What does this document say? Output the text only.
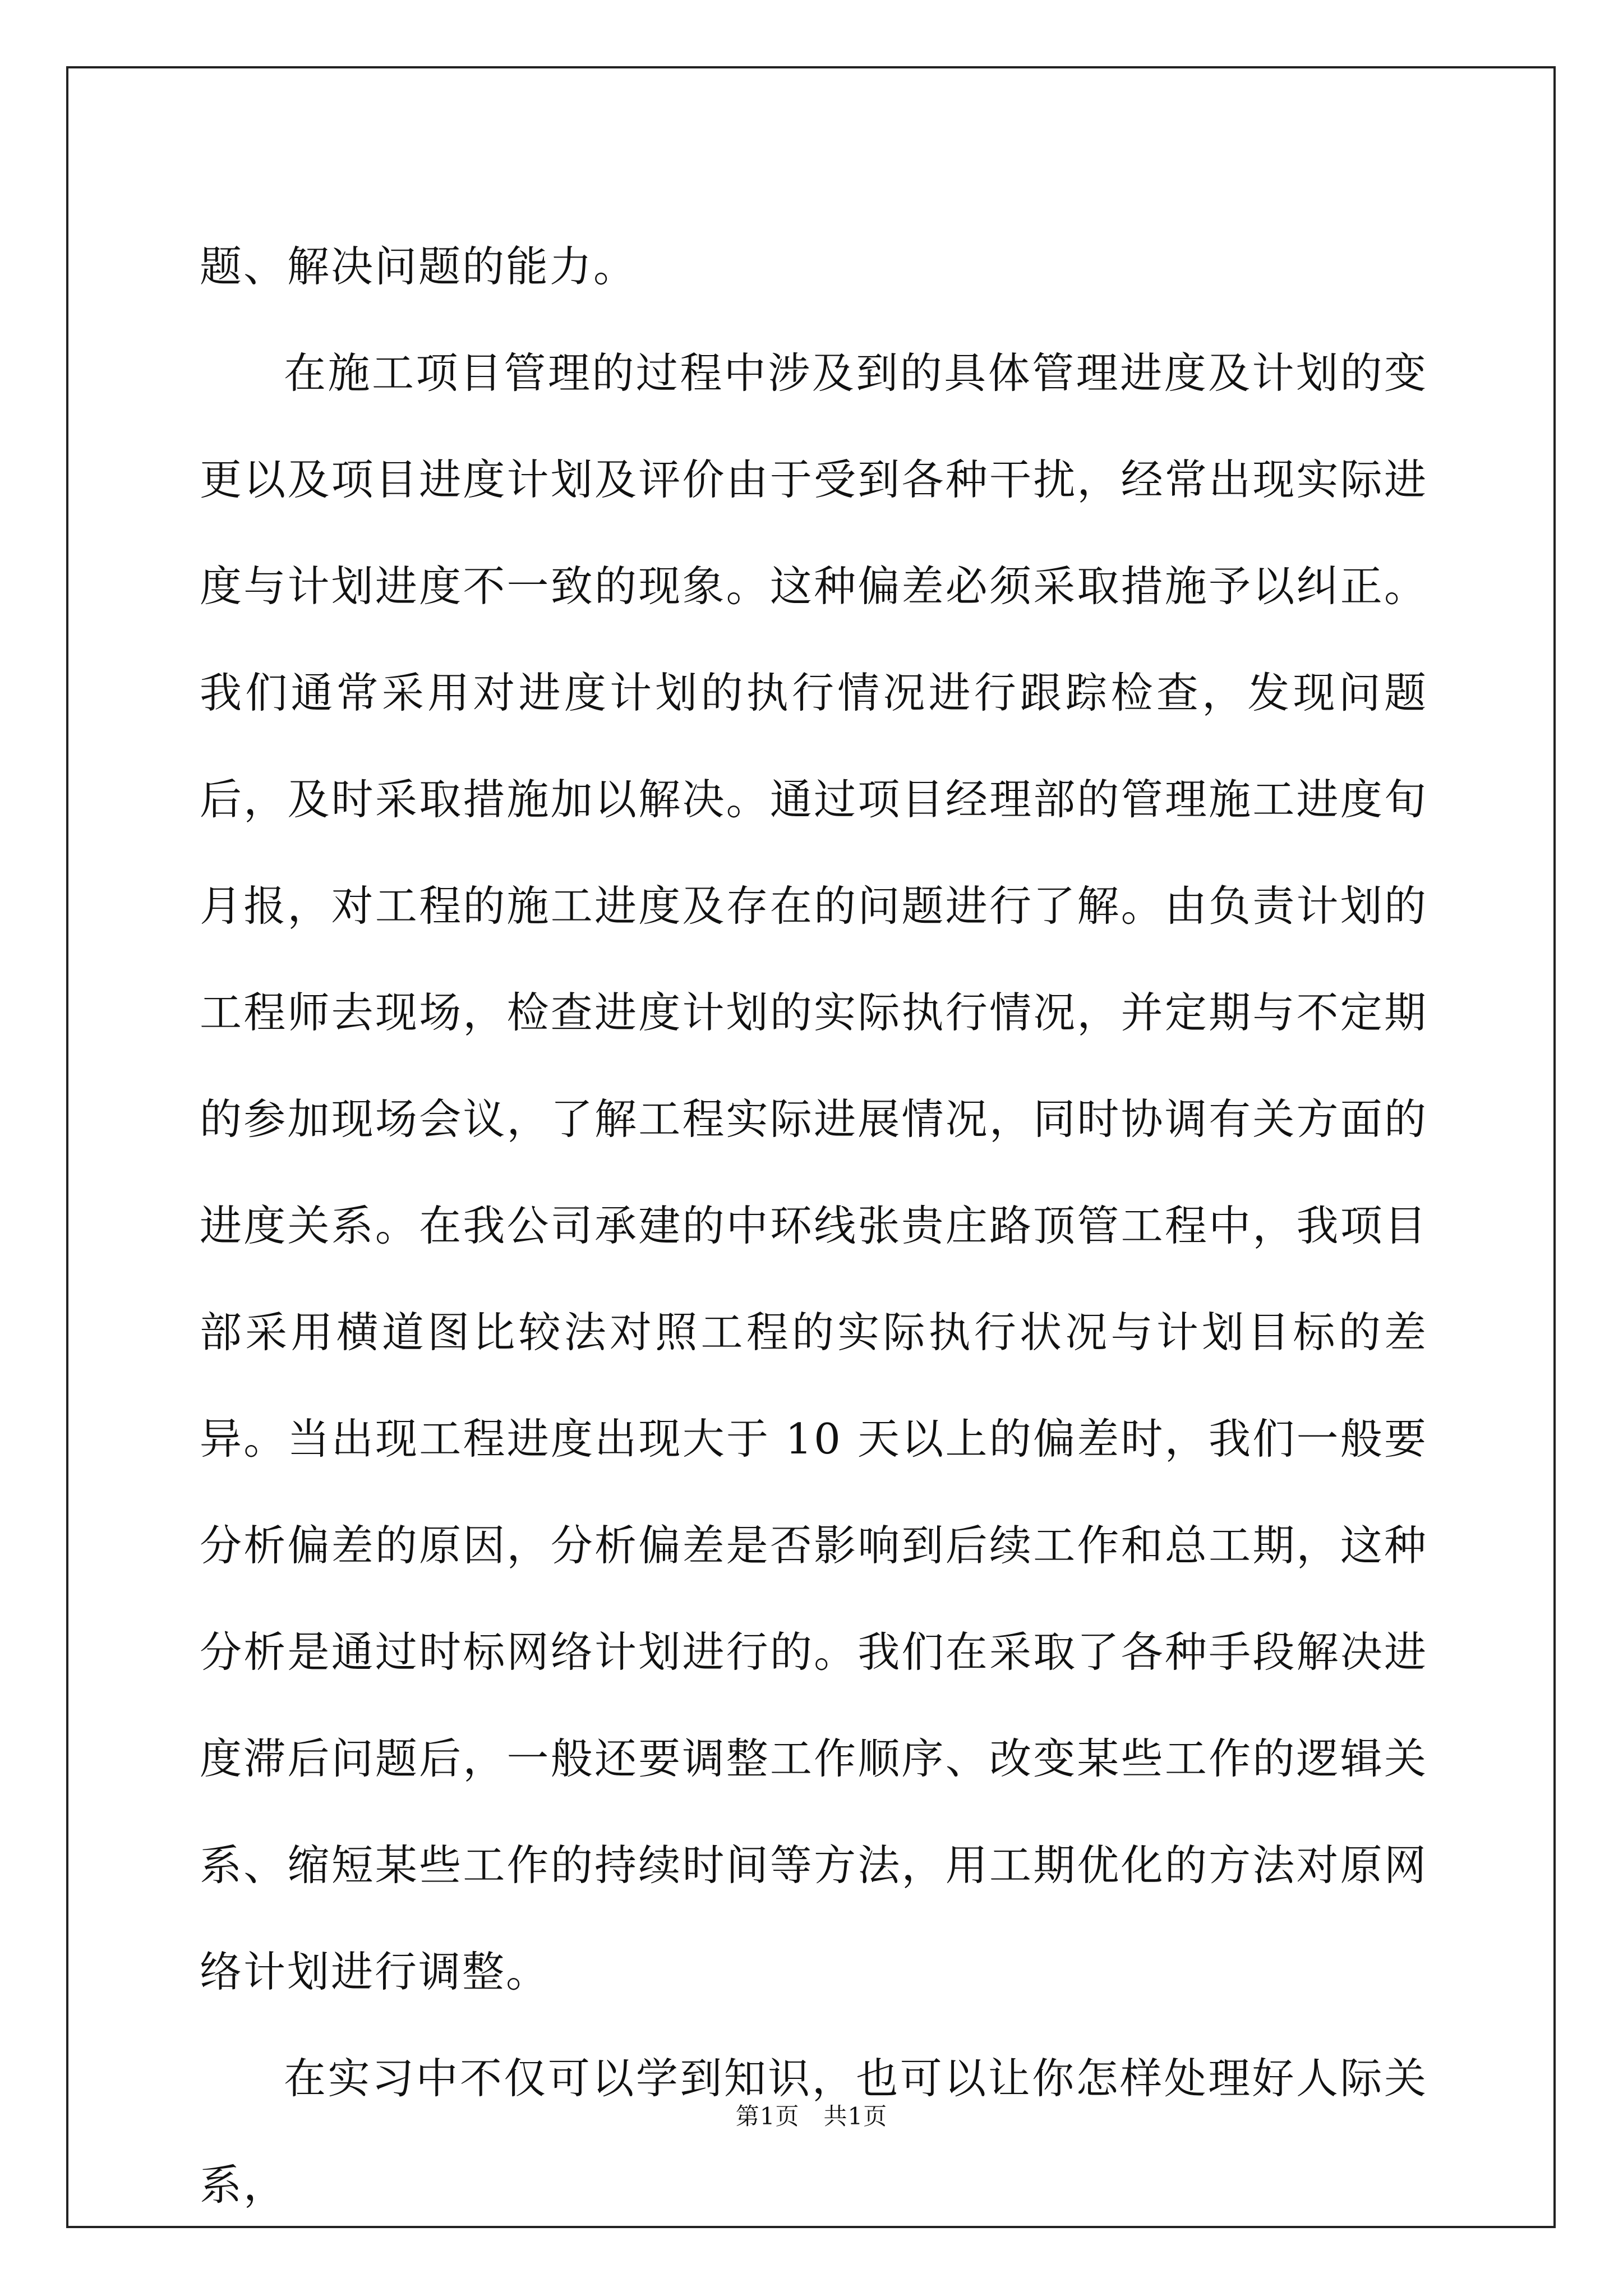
题、解决问题的能力。

在施工项目管理的过程中涉及到的具体管理进度及计划的变更以及项目进度计划及评价由于受到各种干扰，经常出现实际进度与计划进度不一致的现象。这种偏差必须采取措施予以纠正。我们通常采用对进度计划的执行情况进行跟踪检查，发现问题后，及时采取措施加以解决。通过项目经理部的管理施工进度旬月报，对工程的施工进度及存在的问题进行了解。由负责计划的工程师去现场，检查进度计划的实际执行情况，并定期与不定期的参加现场会议，了解工程实际进展情况，同时协调有关方面的进度关系。在我公司承建的中环线张贵庄路顶管工程中，我项目部采用横道图比较法对照工程的实际执行状况与计划目标的差异。当出现工程进度出现大于 10 天以上的偏差时，我们一般要分析偏差的原因，分析偏差是否影响到后续工作和总工期，这种分析是通过时标网络计划进行的。我们在采取了各种手段解决进度滞后问题后，一般还要调整工作顺序、改变某些工作的逻辑关系、缩短某些工作的持续时间等方法，用工期优化的方法对原网络计划进行调整。

在实习中不仅可以学到知识，也可以让你怎样处理好人际关系，

第1页　共1页
